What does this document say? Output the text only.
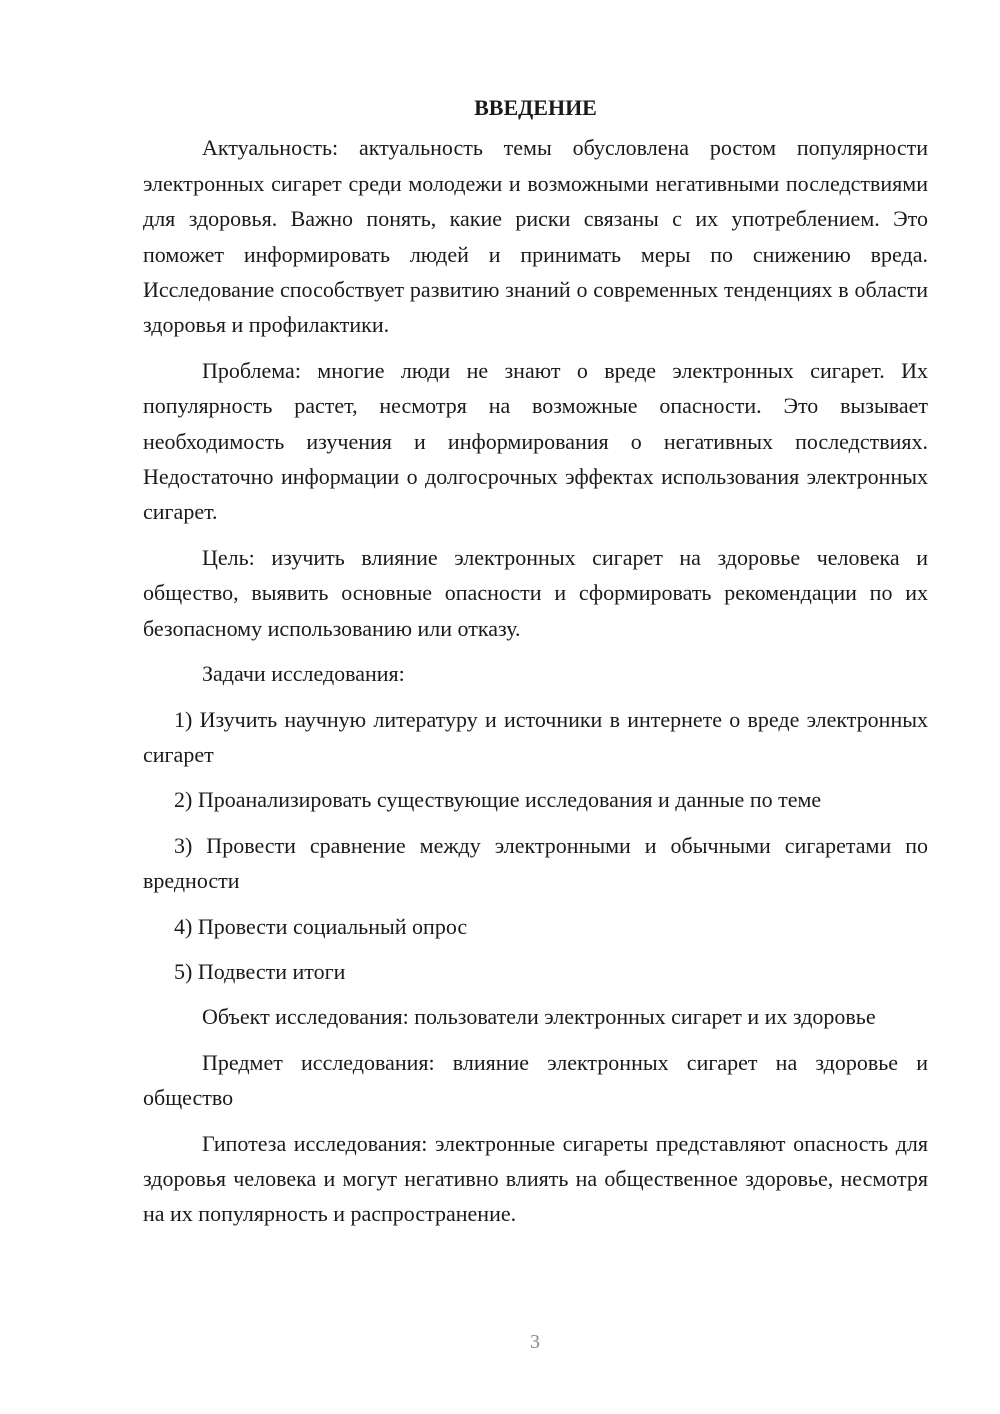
ВВЕДЕНИЕ

Актуальность: актуальность темы обусловлена ростом популярности электронных сигарет среди молодежи и возможными негативными последствиями для здоровья. Важно понять, какие риски связаны с их употреблением. Это поможет информировать людей и принимать меры по снижению вреда. Исследование способствует развитию знаний о современных тенденциях в области здоровья и профилактики.

Проблема: многие люди не знают о вреде электронных сигарет. Их популярность растет, несмотря на возможные опасности. Это вызывает необходимость изучения и информирования о негативных последствиях. Недостаточно информации о долгосрочных эффектах использования электронных сигарет.

Цель: изучить влияние электронных сигарет на здоровье человека и общество, выявить основные опасности и сформировать рекомендации по их безопасному использованию или отказу.

Задачи исследования:

1) Изучить научную литературу и источники в интернете о вреде электронных сигарет

2) Проанализировать существующие исследования и данные по теме

3) Провести сравнение между электронными и обычными сигаретами по вредности

4) Провести социальный опрос

5) Подвести итоги

Объект исследования: пользователи электронных сигарет и их здоровье

Предмет исследования: влияние электронных сигарет на здоровье и общество

Гипотеза исследования: электронные сигареты представляют опасность для здоровья человека и могут негативно влиять на общественное здоровье, несмотря на их популярность и распространение.

3
